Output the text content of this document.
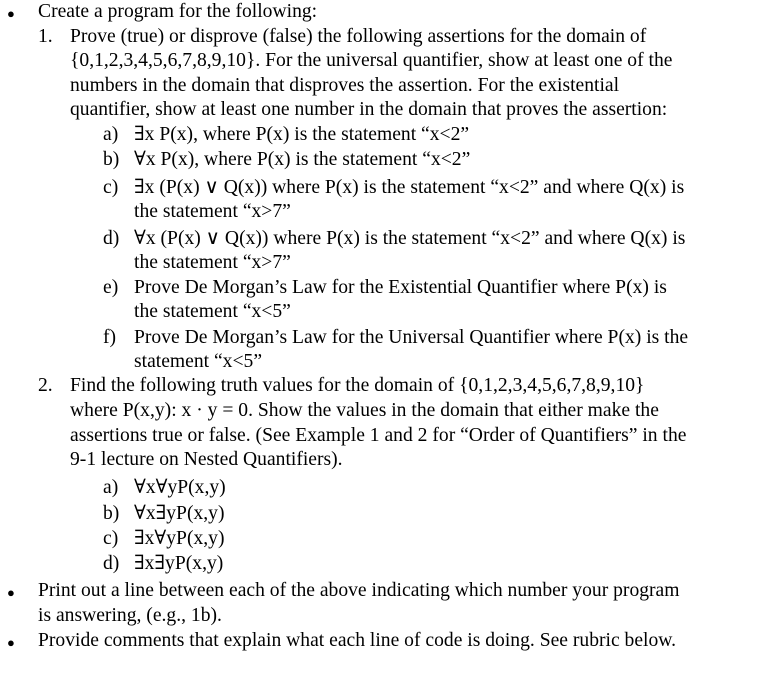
● Create a program for the following:
1. Prove (true) or disprove (false) the following assertions for the domain of
{0,1,2,3,4,5,6,7,8,9,10}. For the universal quantifier, show at least one of the
numbers in the domain that disproves the assertion. For the existential
quantifier, show at least one number in the domain that proves the assertion:
a) ∃x P(x), where P(x) is the statement “x<2”
b) ∀x P(x), where P(x) is the statement “x<2”
c) ∃x (P(x) ∨ Q(x)) where P(x) is the statement “x<2” and where Q(x) is
the statement “x>7”
d) ∀x (P(x) ∨ Q(x)) where P(x) is the statement “x<2” and where Q(x) is
the statement “x>7”
e) Prove De Morgan’s Law for the Existential Quantifier where P(x) is
the statement “x<5”
f) Prove De Morgan’s Law for the Universal Quantifier where P(x) is the
statement “x<5”
2. Find the following truth values for the domain of {0,1,2,3,4,5,6,7,8,9,10}
where P(x,y): x · y = 0. Show the values in the domain that either make the
assertions true or false. (See Example 1 and 2 for “Order of Quantifiers” in the
9-1 lecture on Nested Quantifiers).
a) ∀x∀yP(x,y)
b) ∀x∃yP(x,y)
c) ∃x∀yP(x,y)
d) ∃x∃yP(x,y)
● Print out a line between each of the above indicating which number your program
is answering, (e.g., 1b).
● Provide comments that explain what each line of code is doing. See rubric below.
